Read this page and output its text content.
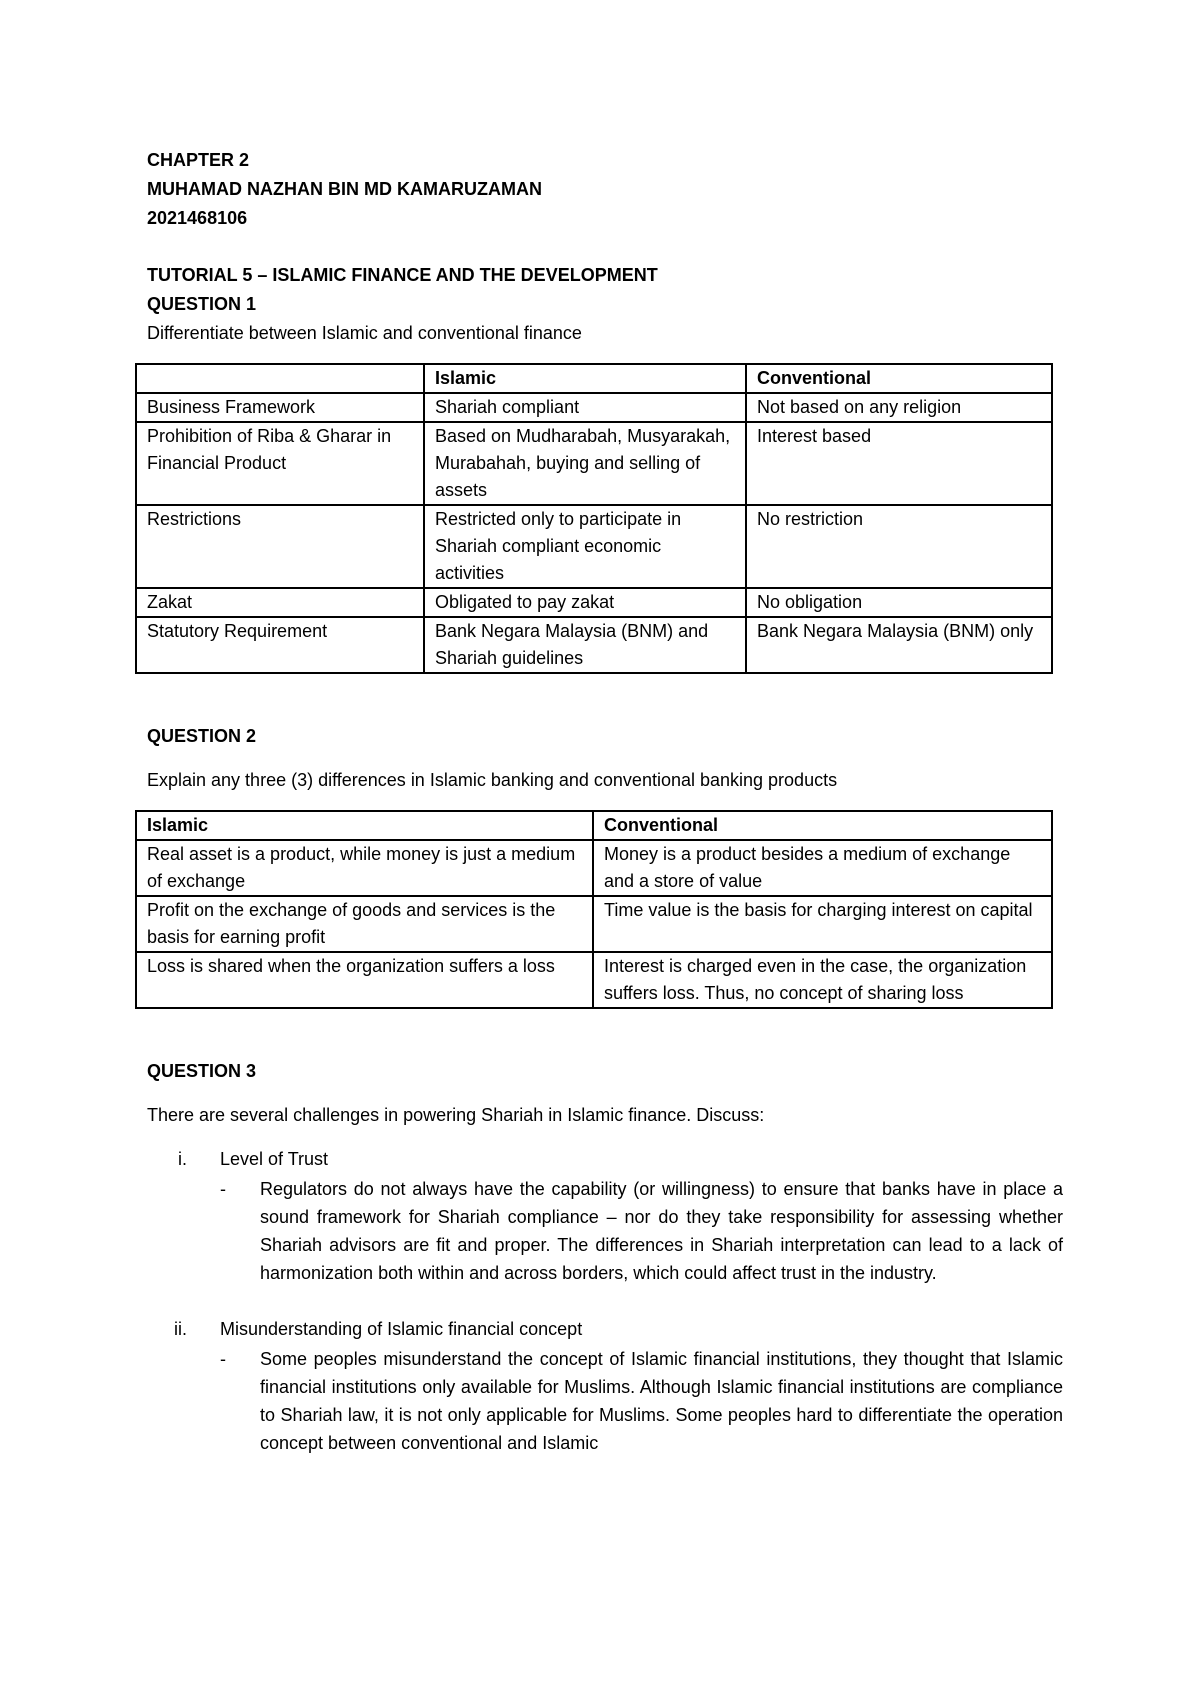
CHAPTER 2

MUHAMAD NAZHAN BIN MD KAMARUZAMAN

2021468106

TUTORIAL 5 – ISLAMIC FINANCE AND THE DEVELOPMENT

QUESTION 1

Differentiate between Islamic and conventional finance

	Islamic	Conventional
Business Framework	Shariah compliant	Not based on any religion
Prohibition of Riba & Gharar in Financial Product	Based on Mudharabah, Musyarakah, Murabahah, buying and selling of assets	Interest based
Restrictions	Restricted only to participate in Shariah compliant economic activities	No restriction
Zakat	Obligated to pay zakat	No obligation
Statutory Requirement	Bank Negara Malaysia (BNM) and Shariah guidelines	Bank Negara Malaysia (BNM) only

QUESTION 2

Explain any three (3) differences in Islamic banking and conventional banking products

Islamic	Conventional
Real asset is a product, while money is just a medium of exchange	Money is a product besides a medium of exchange and a store of value
Profit on the exchange of goods and services is the basis for earning profit	Time value is the basis for charging interest on capital
Loss is shared when the organization suffers a loss	Interest is charged even in the case, the organization suffers loss. Thus, no concept of sharing loss

QUESTION 3

There are several challenges in powering Shariah in Islamic finance. Discuss:

i. Level of Trust
- Regulators do not always have the capability (or willingness) to ensure that banks have in place a sound framework for Shariah compliance – nor do they take responsibility for assessing whether Shariah advisors are fit and proper. The differences in Shariah interpretation can lead to a lack of harmonization both within and across borders, which could affect trust in the industry.
ii. Misunderstanding of Islamic financial concept
- Some peoples misunderstand the concept of Islamic financial institutions, they thought that Islamic financial institutions only available for Muslims. Although Islamic financial institutions are compliance to Shariah law, it is not only applicable for Muslims. Some peoples hard to differentiate the operation concept between conventional and Islamic
